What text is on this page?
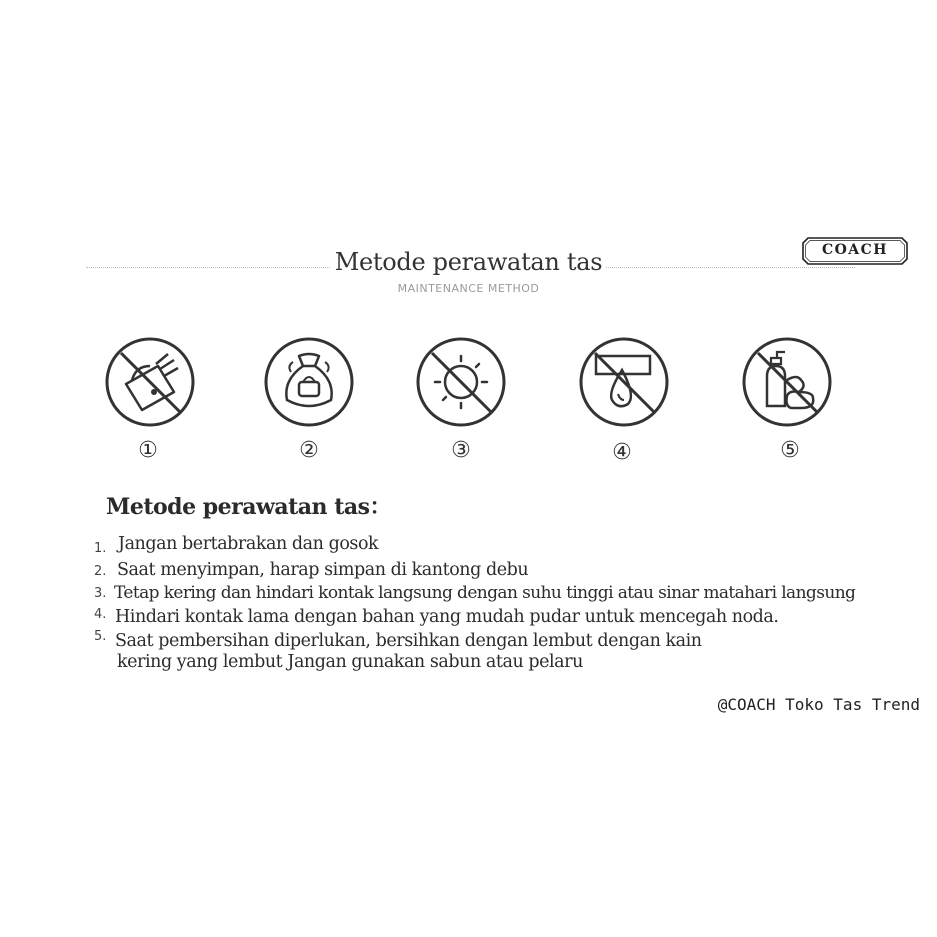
Metode perawatan tas
MAINTENANCE METHOD
COACH
①	②	③	④	⑤
Metode perawatan tas：
1. Jangan bertabrakan dan gosok
2. Saat menyimpan, harap simpan di kantong debu
3. Tetap kering dan hindari kontak langsung dengan suhu tinggi atau sinar matahari langsung
4. Hindari kontak lama dengan bahan yang mudah pudar untuk mencegah noda.
5. Saat pembersihan diperlukan, bersihkan dengan lembut dengan kain
kering yang lembut Jangan gunakan sabun atau pelaru
@COACH Toko Tas Trend
